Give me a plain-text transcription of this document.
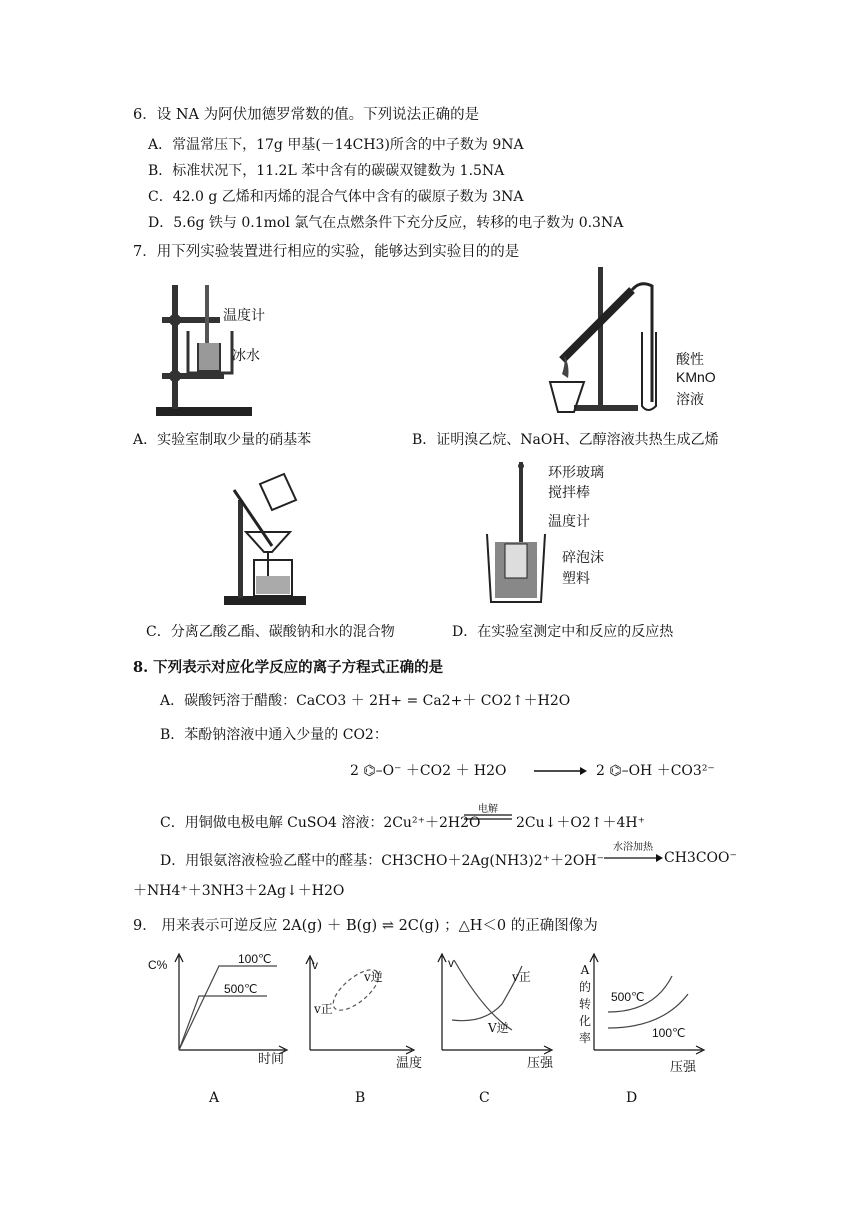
6．设 NA 为阿伏加德罗常数的值。下列说法正确的是
A．常温常压下，17g 甲基(－14CH3)所含的中子数为 9NA
B．标准状况下，11.2L 苯中含有的碳碳双键数为 1.5NA
C．42.0 g 乙烯和丙烯的混合气体中含有的碳原子数为 3NA
D．5.6g 铁与 0.1mol 氯气在点燃条件下充分反应，转移的电子数为 0.3NA
7．用下列实验装置进行相应的实验，能够达到实验目的的是
温度计
冰水	酸性
KMnO
溶液
A．实验室制取少量的硝基苯	B．证明溴乙烷、NaOH、乙醇溶液共热生成乙烯
环形玻璃
搅拌棒
温度计
碎泡沫
塑料
C．分离乙酸乙酯、碳酸钠和水的混合物	D．在实验室测定中和反应的反应热
8. 下列表示对应化学反应的离子方程式正确的是
A．碳酸钙溶于醋酸：CaCO3 ＋ 2H+ = Ca2+＋ CO2↑＋H2O
B．苯酚钠溶液中通入少量的 CO2：
2 ⌬–O⁻ ＋CO2 ＋ H2O → 2 ⌬–OH ＋CO3²⁻
C．用铜做电极电解 CuSO4 溶液：2Cu²⁺＋2H2O
电解
2Cu↓＋O2↑＋4H⁺
D．用银氨溶液检验乙醛中的醛基：CH3CHO＋2Ag(NH3)2⁺＋2OH⁻
水浴加热
CH3COO⁻
＋NH4⁺＋3NH3＋2Ag↓＋H2O
9． 用来表示可逆反应 2A(g) ＋ B(g) ⇌ 2C(g) ；△H＜0 的正确图像为
C%	100℃
500℃
时间
A
v
v逆
v正
温度
B
v
v正
V逆
压强
C
A
的
转
化
率
500℃
100℃
压强
D
